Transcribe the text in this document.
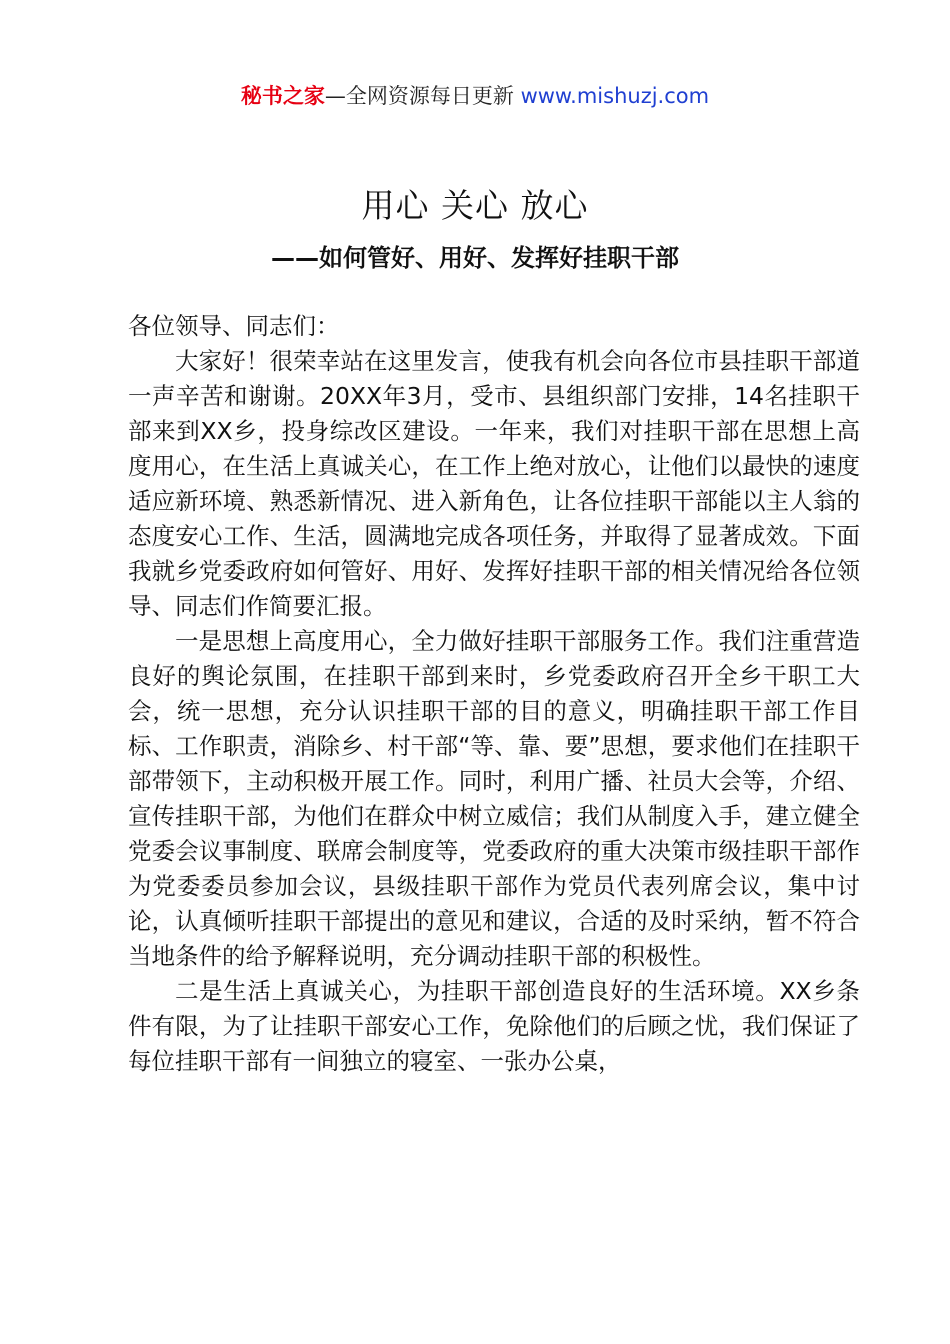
秘书之家—全网资源每日更新 www.mishuzj.com
用心 关心 放心
——如何管好、用好、发挥好挂职干部

各位领导、同志们：

大家好！很荣幸站在这里发言，使我有机会向各位市县挂职干部道一声辛苦和谢谢。20XX年3月，受市、县组织部门安排，14名挂职干部来到XX乡，投身综改区建设。一年来，我们对挂职干部在思想上高度用心，在生活上真诚关心，在工作上绝对放心，让他们以最快的速度适应新环境、熟悉新情况、进入新角色，让各位挂职干部能以主人翁的态度安心工作、生活，圆满地完成各项任务，并取得了显著成效。下面我就乡党委政府如何管好、用好、发挥好挂职干部的相关情况给各位领导、同志们作简要汇报。

一是思想上高度用心，全力做好挂职干部服务工作。我们注重营造良好的舆论氛围，在挂职干部到来时，乡党委政府召开全乡干职工大会，统一思想，充分认识挂职干部的目的意义，明确挂职干部工作目标、工作职责，消除乡、村干部“等、靠、要”思想，要求他们在挂职干部带领下，主动积极开展工作。同时，利用广播、社员大会等，介绍、宣传挂职干部，为他们在群众中树立威信；我们从制度入手，建立健全党委会议事制度、联席会制度等，党委政府的重大决策市级挂职干部作为党委委员参加会议，县级挂职干部作为党员代表列席会议，集中讨论，认真倾听挂职干部提出的意见和建议，合适的及时采纳，暂不符合当地条件的给予解释说明，充分调动挂职干部的积极性。

二是生活上真诚关心，为挂职干部创造良好的生活环境。XX乡条件有限，为了让挂职干部安心工作，免除他们的后顾之忧，我们保证了每位挂职干部有一间独立的寝室、一张办公桌，
